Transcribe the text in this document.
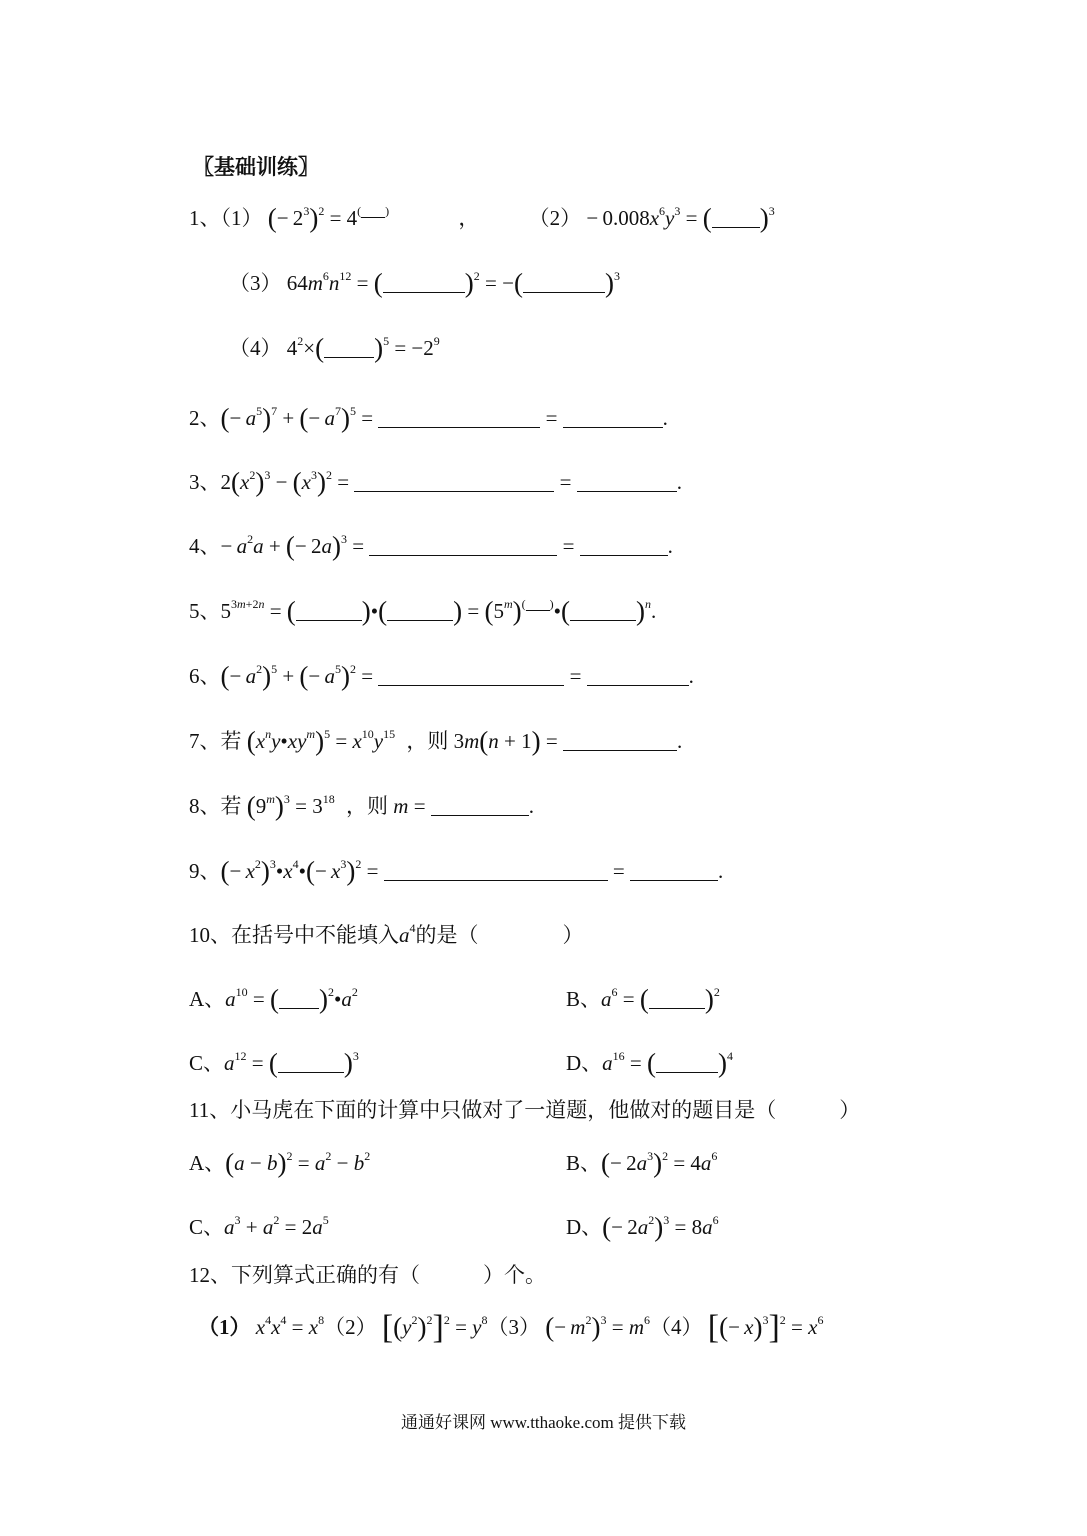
〖基础训练〗
1、（1） (− $2^3)^2 = 4^{( )}$	， $(2) - 0.008x^6y^3$ = ( )$^3$
（3） $64m^6n^{12}$ = (	)$^2$ = −(	)$^3$
（4） $4^2\times$( )$^5 = -2^9$
2、(− $a^5)^7$ + (− $a^7)^5$ =	=	.
3、$2(x^2)^3 - (x^3)^2$ =	=	.
4、− $a^2a$ + (− 2a)$^3$ =	=	.
5、$5^{3m+2n}$ = ( )•( ) = $(5^m)^{( )}•$( )$^n$.
6、(− $a^2)^5$ + (− $a^5)^2$ =	=	.
7、若 $(x^ny•xy^m)^5 = x^{10}y^{15}$ ，则 3m(n + 1) =	.
8、若 $(9^m)^3 = 3^{18}$ ，则 m =	.
9、(− $x^2)^3•x^4•(- x^3)^2$ =	=	.
10、在括号中不能填入$a^4$的是（　　　　）
A、$a^{10}$ = ( )$^2•a^2$	B、$a^6$ = ( )$^2$
C、$a^{12}$ = ( )$^3$	D、$a^{16}$ = ( )$^4$
11、小马虎在下面的计算中只做对了一道题，他做对的题目是（　　　）
A、$(a - b)^2 = a^2 - b^2$	B、(− $2a^3)^2 = 4a^6$
C、$a^3 + a^2 = 2a^5$	D、(− $2a^2)^3 = 8a^6$
12、下列算式正确的有（　　　）个。
（1） $x^4x^4 = x^8(2) [(y^2)^2]^2 = y^8(3)$ (− $m^2)^3 = m^6(4)$ [(− $x)^3]^2 = x^6$
通通好课网 www.tthaoke.com 提供下载
